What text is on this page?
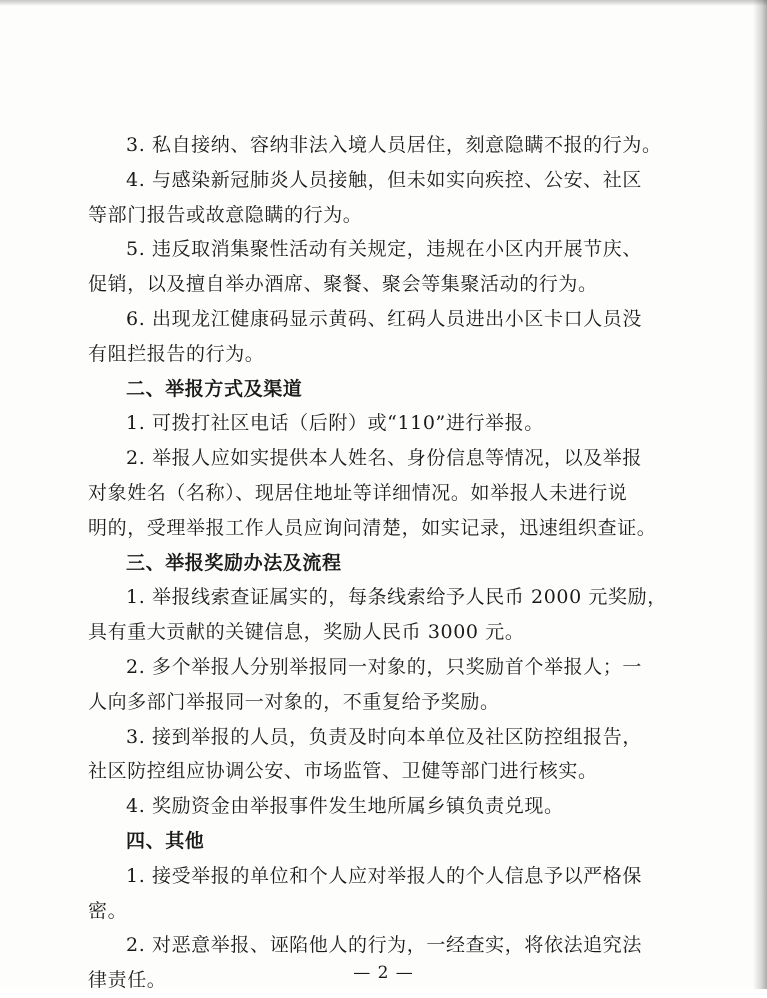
3. 私自接纳、容纳非法入境人员居住，刻意隐瞒不报的行为。

4. 与感染新冠肺炎人员接触，但未如实向疾控、公安、社区

等部门报告或故意隐瞒的行为。

5. 违反取消集聚性活动有关规定，违规在小区内开展节庆、

促销，以及擅自举办酒席、聚餐、聚会等集聚活动的行为。

6. 出现龙江健康码显示黄码、红码人员进出小区卡口人员没

有阻拦报告的行为。

二、举报方式及渠道

1. 可拨打社区电话（后附）或“110”进行举报。

2. 举报人应如实提供本人姓名、身份信息等情况，以及举报

对象姓名（名称）、现居住地址等详细情况。如举报人未进行说

明的，受理举报工作人员应询问清楚，如实记录，迅速组织查证。

三、举报奖励办法及流程

1. 举报线索查证属实的，每条线索给予人民币 2000 元奖励，

具有重大贡献的关键信息，奖励人民币 3000 元。

2. 多个举报人分别举报同一对象的，只奖励首个举报人；一

人向多部门举报同一对象的，不重复给予奖励。

3. 接到举报的人员，负责及时向本单位及社区防控组报告，

社区防控组应协调公安、市场监管、卫健等部门进行核实。

4. 奖励资金由举报事件发生地所属乡镇负责兑现。

四、其他

1. 接受举报的单位和个人应对举报人的个人信息予以严格保

密。

2. 对恶意举报、诬陷他人的行为，一经查实，将依法追究法

律责任。	— 2 —
